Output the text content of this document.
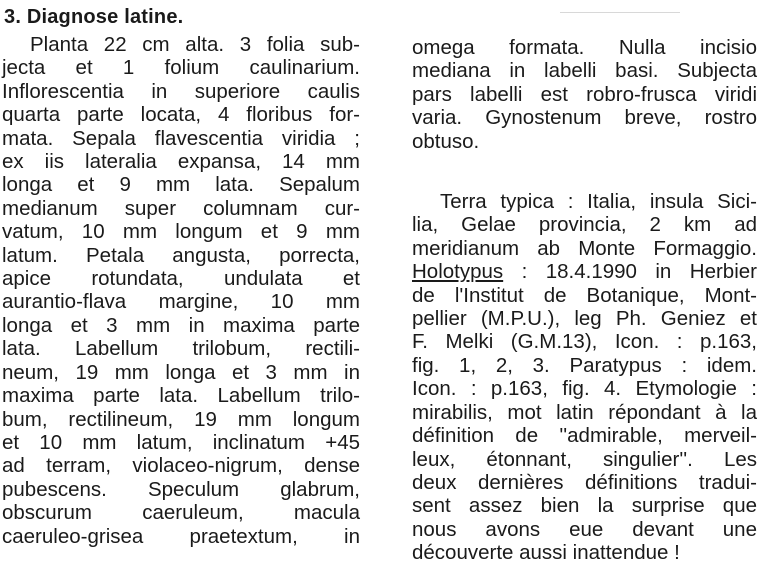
3. Diagnose latine.
Planta 22 cm alta. 3 folia sub-
jecta et 1 folium caulinarium.
Inflorescentia in superiore caulis
quarta parte locata, 4 floribus for-
mata. Sepala flavescentia viridia ;
ex iis lateralia expansa, 14 mm
longa et 9 mm lata. Sepalum
medianum super columnam cur-
vatum, 10 mm longum et 9 mm
latum. Petala angusta, porrecta,
apice rotundata, undulata et
aurantio-flava margine, 10 mm
longa et 3 mm in maxima parte
lata. Labellum trilobum, rectili-
neum, 19 mm longa et 3 mm in
maxima parte lata. Labellum trilo-
bum, rectilineum, 19 mm longum
et 10 mm latum, inclinatum +45
ad terram, violaceo-nigrum, dense
pubescens. Speculum glabrum,
obscurum caeruleum, macula
caeruleo-grisea praetextum, in
omega formata. Nulla incisio
mediana in labelli basi. Subjecta
pars labelli est robro-frusca viridi
varia. Gynostenum breve, rostro
obtuso.
Terra typica : Italia, insula Sici-
lia, Gelae provincia, 2 km ad
meridianum ab Monte Formaggio.
Holotypus : 18.4.1990 in Herbier
de l'Institut de Botanique, Mont-
pellier (M.P.U.), leg Ph. Geniez et
F. Melki (G.M.13), Icon. : p.163,
fig. 1, 2, 3. Paratypus : idem.
Icon. : p.163, fig. 4. Etymologie :
mirabilis, mot latin répondant à la
définition de ''admirable, merveil-
leux, étonnant, singulier''. Les
deux dernières définitions tradui-
sent assez bien la surprise que
nous avons eue devant une
découverte aussi inattendue !
